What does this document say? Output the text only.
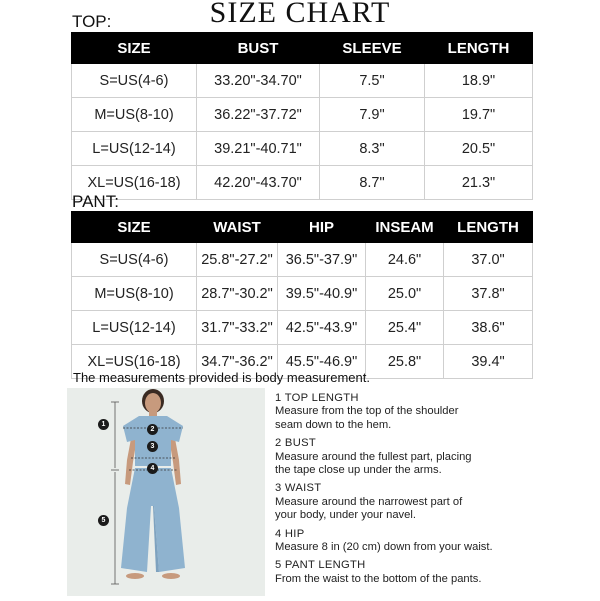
SIZE CHART
TOP:
SIZE	BUST	SLEEVE	LENGTH
S=US(4-6)	33.20"-34.70"	7.5"	18.9"
M=US(8-10)	36.22"-37.72"	7.9"	19.7"
L=US(12-14)	39.21"-40.71"	8.3"	20.5"
XL=US(16-18)	42.20"-43.70"	8.7"	21.3"
PANT:
SIZE	WAIST	HIP	INSEAM	LENGTH
S=US(4-6)	25.8"-27.2"	36.5"-37.9"	24.6"	37.0"
M=US(8-10)	28.7"-30.2"	39.5"-40.9"	25.0"	37.8"
L=US(12-14)	31.7"-33.2"	42.5"-43.9"	25.4"	38.6"
XL=US(16-18)	34.7"-36.2"	45.5"-46.9"	25.8"	39.4"
The measurements provided is body measurement.
1
2
3
4
5
1 TOP LENGTH
Measure from the top of the shoulder seam down to the hem.
2 BUST
Measure around the fullest part, placing the tape close up under the arms.
3 WAIST
Measure around the narrowest part of your body, under your navel.
4 HIP
Measure 8 in (20 cm) down from your waist.
5 PANT LENGTH
From the waist to the bottom of the pants.
